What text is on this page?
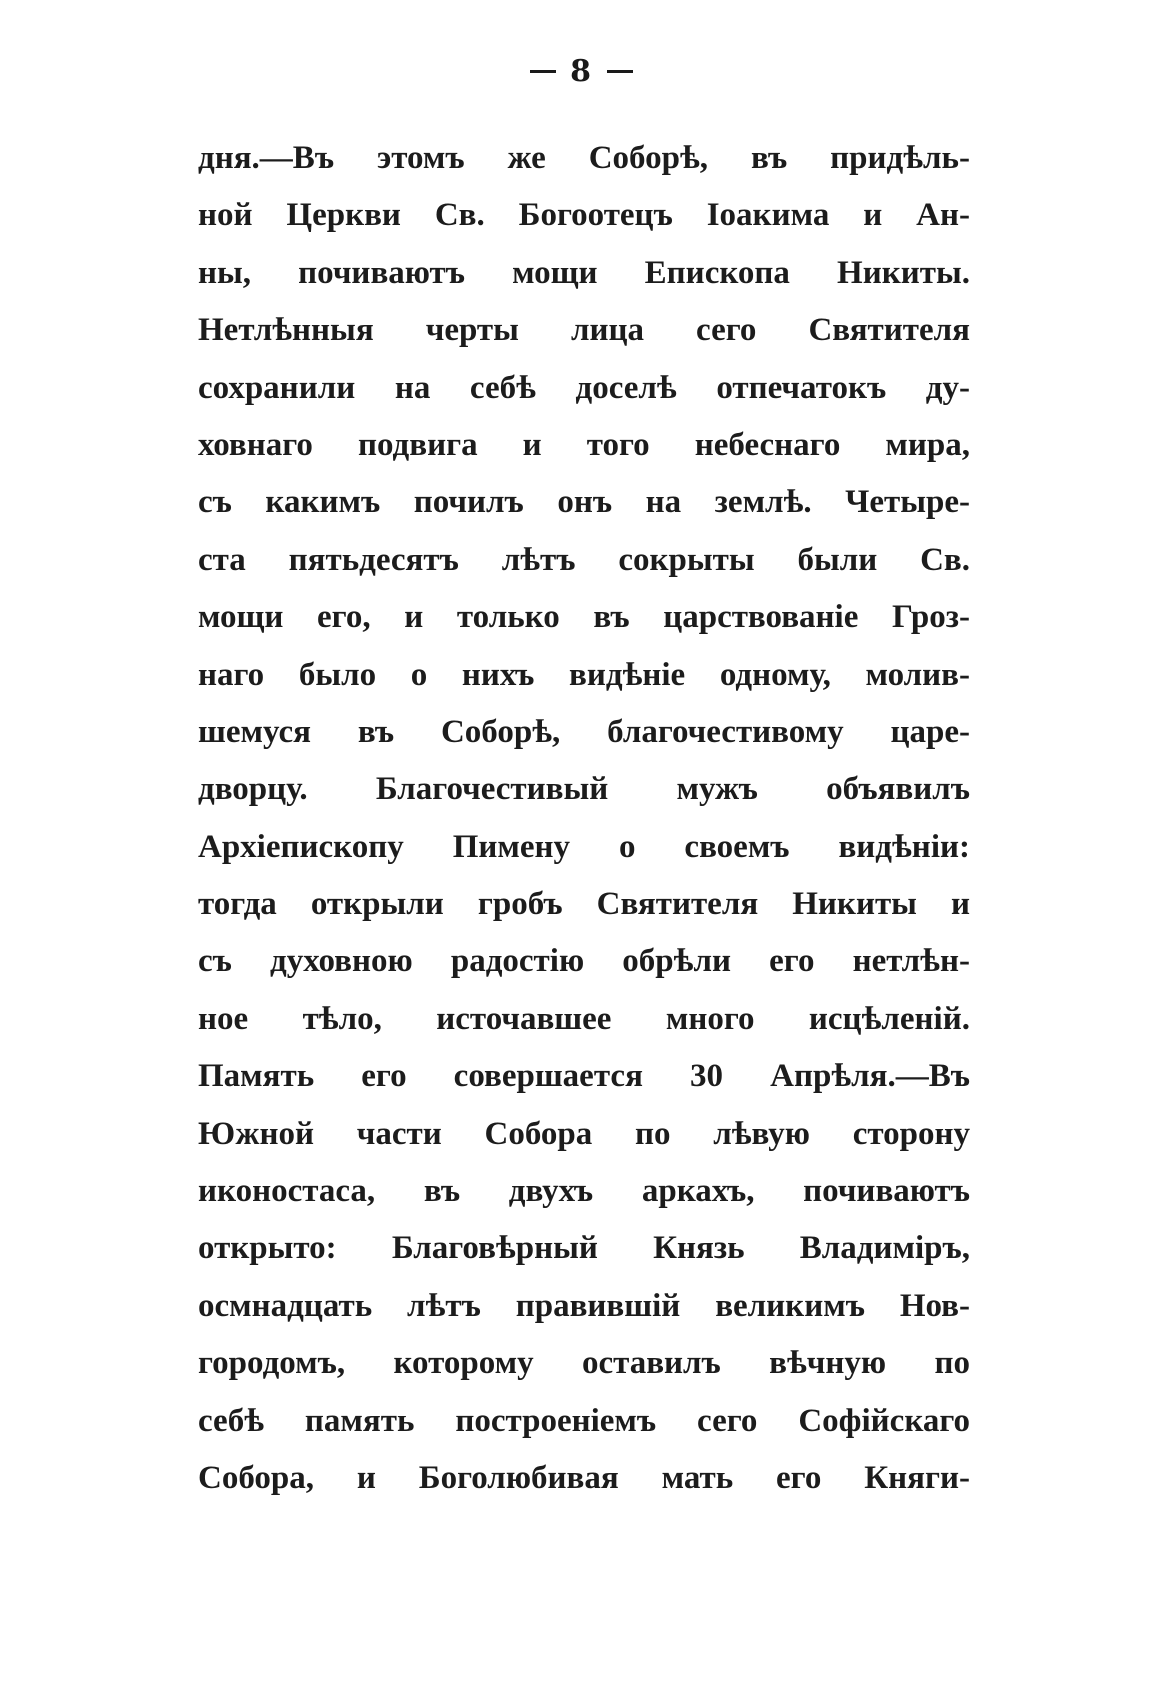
8
дня.—Въ этомъ же Соборѣ, въ придѣль-
ной Церкви Св. Богоотецъ Іоакима и Ан-
ны, почиваютъ мощи Епископа Никиты.
Нетлѣнныя черты лица сего Святителя
сохранили на себѣ доселѣ отпечатокъ ду-
ховнаго подвига и того небеснаго мира,
съ какимъ почилъ онъ на землѣ. Четыре-
ста пятьдесятъ лѣтъ сокрыты были Св.
мощи его, и только въ царствованіе Гроз-
наго было о нихъ видѣніе одному, молив-
шемуся въ Соборѣ, благочестивому царе-
дворцу. Благочестивый мужъ объявилъ
Архіепископу Пимену о своемъ видѣніи:
тогда открыли гробъ Святителя Никиты и
съ духовною радостію обрѣли его нетлѣн-
ное тѣло, источавшее много исцѣленій.
Память его совершается 30 Апрѣля.—Въ
Южной части Собора по лѣвую сторону
иконостаса, въ двухъ аркахъ, почиваютъ
открыто: Благовѣрный Князь Владиміръ,
осмнадцать лѣтъ правившій великимъ Нов-
городомъ, которому оставилъ вѣчную по
себѣ память построеніемъ сего Софійскаго
Собора, и Боголюбивая мать его Княги-
